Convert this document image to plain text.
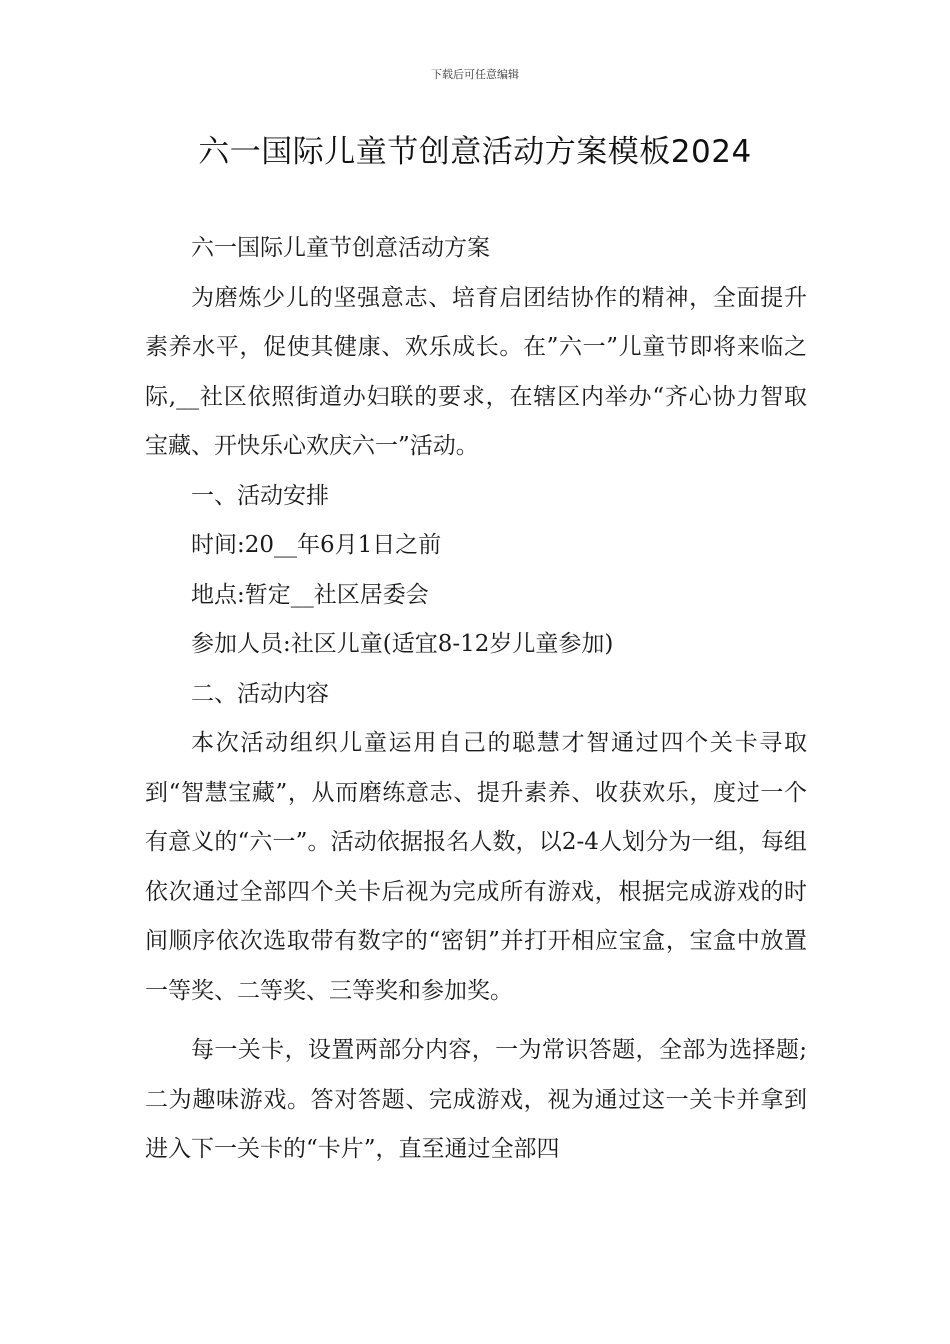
下载后可任意编辑
六一国际儿童节创意活动方案模板2024

六一国际儿童节创意活动方案

为磨炼少儿的坚强意志、培育启团结协作的精神，全面提升素养水平，促使其健康、欢乐成长。在”六一”儿童节即将来临之际,__社区依照街道办妇联的要求，在辖区内举办“齐心协力智取宝藏、开快乐心欢庆六一”活动。

一、活动安排

时间:20__年6月1日之前

地点:暂定__社区居委会

参加人员:社区儿童(适宜8-12岁儿童参加)

二、活动内容

本次活动组织儿童运用自己的聪慧才智通过四个关卡寻取到“智慧宝藏”，从而磨练意志、提升素养、收获欢乐，度过一个有意义的“六一”。活动依据报名人数，以2-4人划分为一组，每组依次通过全部四个关卡后视为完成所有游戏，根据完成游戏的时间顺序依次选取带有数字的“密钥”并打开相应宝盒，宝盒中放置一等奖、二等奖、三等奖和参加奖。

每一关卡，设置两部分内容，一为常识答题，全部为选择题;二为趣味游戏。答对答题、完成游戏，视为通过这一关卡并拿到进入下一关卡的“卡片”，直至通过全部四
